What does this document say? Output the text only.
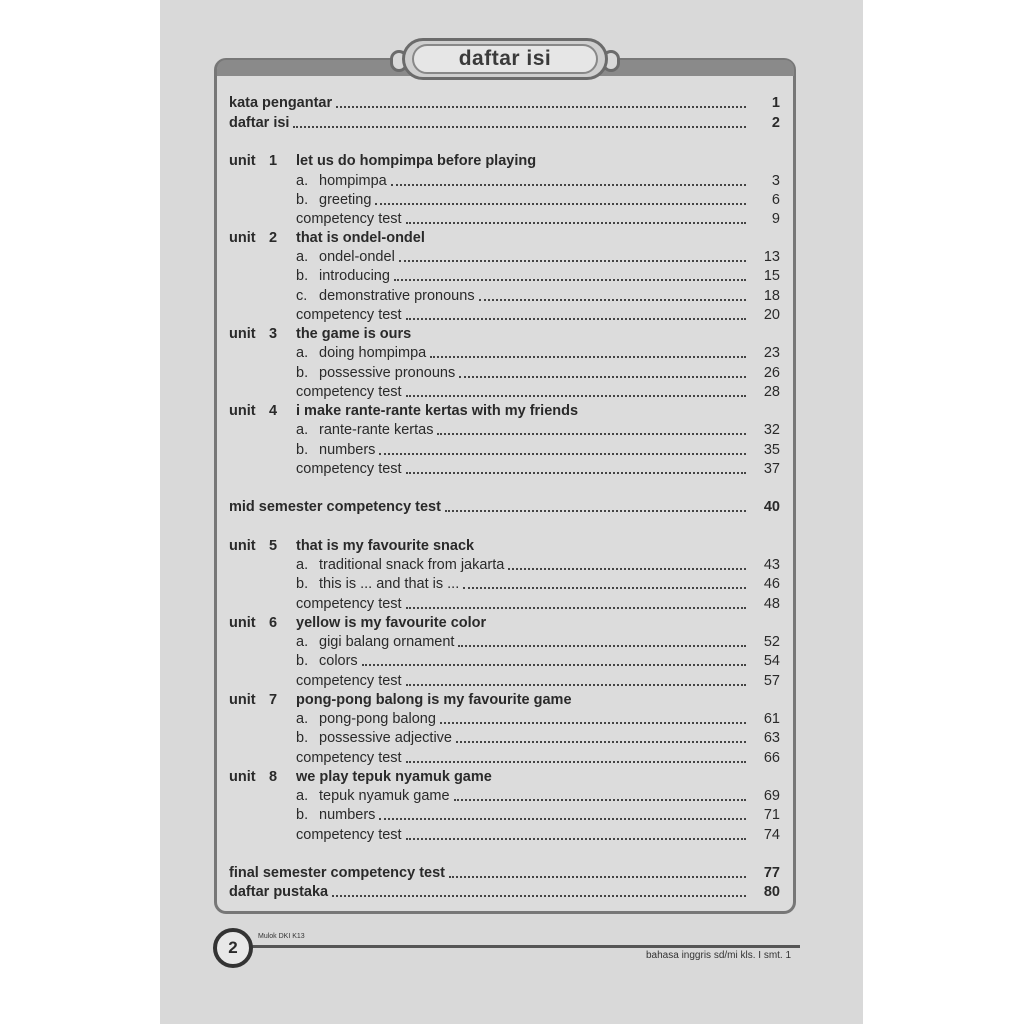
daftar isi
kata pengantar	1
daftar isi	2
unit 1 let us do hompimpa before playing
a. hompimpa	3
b. greeting	6
competency test	9
unit 2 that is ondel-ondel
a. ondel-ondel	13
b. introducing	15
c. demonstrative pronouns	18
competency test	20
unit 3 the game is ours
a. doing hompimpa	23
b. possessive pronouns	26
competency test	28
unit 4 i make rante-rante kertas with my friends
a. rante-rante kertas	32
b. numbers	35
competency test	37
mid semester competency test	40
unit 5 that is my favourite snack
a. traditional snack from jakarta	43
b. this is ... and that is ...	46
competency test	48
unit 6 yellow is my favourite color
a. gigi balang ornament	52
b. colors	54
competency test	57
unit 7 pong-pong balong is my favourite game
a. pong-pong balong	61
b. possessive adjective	63
competency test	66
unit 8 we play tepuk nyamuk game
a. tepuk nyamuk game	69
b. numbers	71
competency test	74
final semester competency test	77
daftar pustaka	80
2
Mulok DKI K13
bahasa inggris sd/mi kls. I smt. 1
